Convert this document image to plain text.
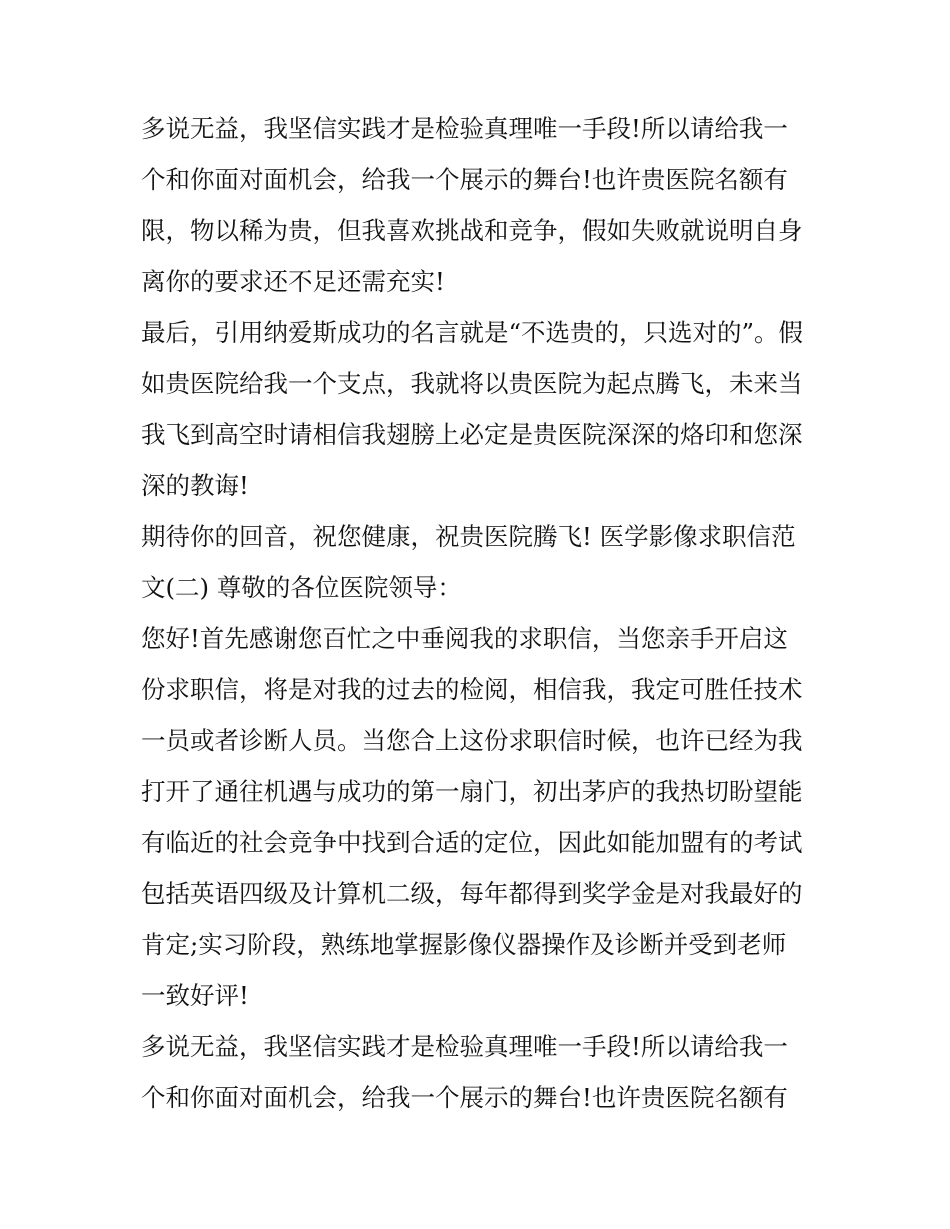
多说无益，我坚信实践才是检验真理唯一手段!所以请给我一
个和你面对面机会，给我一个展示的舞台!也许贵医院名额有
限，物以稀为贵，但我喜欢挑战和竞争，假如失败就说明自身
离你的要求还不足还需充实!
最后，引用纳爱斯成功的名言就是“不选贵的，只选对的”。假
如贵医院给我一个支点，我就将以贵医院为起点腾飞，未来当
我飞到高空时请相信我翅膀上必定是贵医院深深的烙印和您深
深的教诲!
期待你的回音，祝您健康，祝贵医院腾飞! 医学影像求职信范
文(二) 尊敬的各位医院领导：
您好!首先感谢您百忙之中垂阅我的求职信，当您亲手开启这
份求职信，将是对我的过去的检阅，相信我，我定可胜任技术
一员或者诊断人员。当您合上这份求职信时候，也许已经为我
打开了通往机遇与成功的第一扇门，初出茅庐的我热切盼望能
有临近的社会竞争中找到合适的定位，因此如能加盟有的考试
包括英语四级及计算机二级，每年都得到奖学金是对我最好的
肯定;实习阶段，熟练地掌握影像仪器操作及诊断并受到老师
一致好评!
多说无益，我坚信实践才是检验真理唯一手段!所以请给我一
个和你面对面机会，给我一个展示的舞台!也许贵医院名额有
